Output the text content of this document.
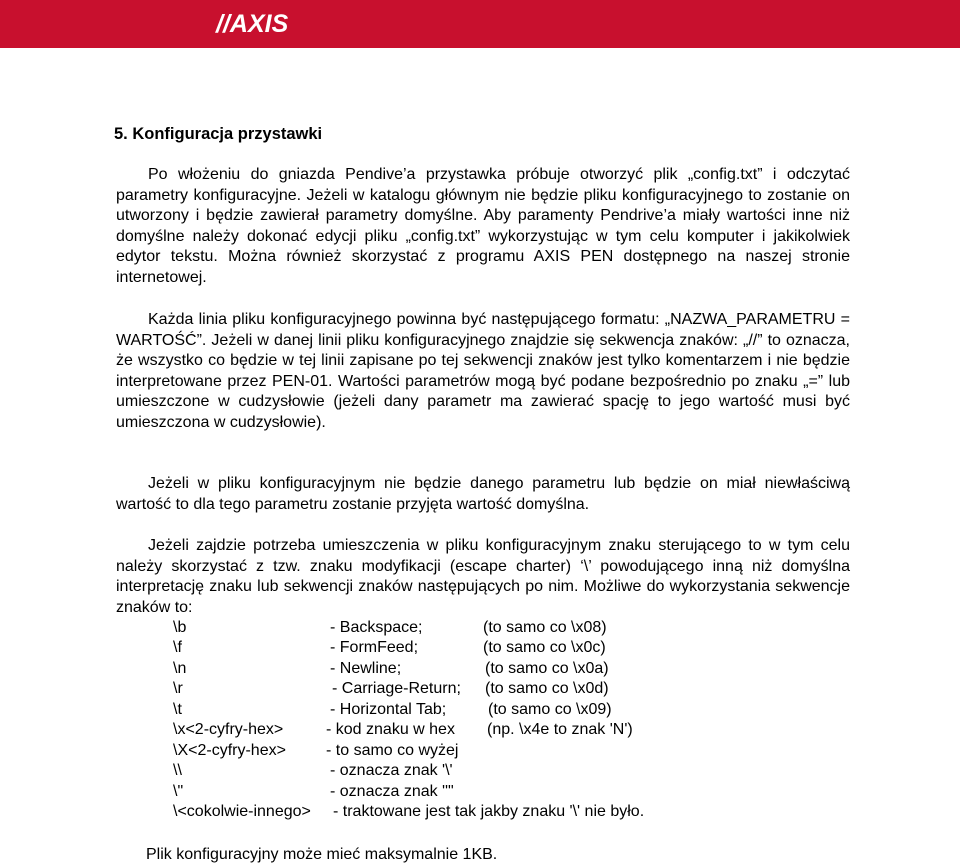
//AXIS
5. Konfiguracja przystawki
Po włożeniu do gniazda Pendive’a przystawka próbuje otworzyć plik „config.txt” i odczytać parametry konfiguracyjne. Jeżeli w katalogu głównym nie będzie pliku konfiguracyjnego to zostanie on utworzony i będzie zawierał parametry domyślne. Aby paramenty Pendrive’a miały wartości inne niż domyślne należy dokonać edycji pliku „config.txt” wykorzystując w tym celu komputer i jakikolwiek edytor tekstu. Można również skorzystać z programu AXIS PEN dostępnego na naszej stronie internetowej.
Każda linia pliku konfiguracyjnego powinna być następującego formatu: „NAZWA_PARAMETRU = WARTOŚĆ”. Jeżeli w danej linii pliku konfiguracyjnego znajdzie się sekwencja znaków: „//” to oznacza, że wszystko co będzie w tej linii zapisane po tej sekwencji znaków jest tylko komentarzem i nie będzie interpretowane przez PEN-01. Wartości parametrów mogą być podane bezpośrednio po znaku „=” lub umieszczone w cudzysłowie (jeżeli dany parametr ma zawierać spację to jego wartość musi być umieszczona w cudzysłowie).
Jeżeli w pliku konfiguracyjnym nie będzie danego parametru lub będzie on miał niewłaściwą wartość to dla tego parametru zostanie przyjęta wartość domyślna.
Jeżeli zajdzie potrzeba umieszczenia w pliku konfiguracyjnym znaku sterującego to w tym celu należy skorzystać z tzw. znaku modyfikacji (escape charter) ‘\’ powodującego inną niż domyślna interpretację znaku lub sekwencji znaków następujących po nim. Możliwe do wykorzystania sekwencje znaków to:
\b	- Backspace;	(to samo co \x08)
\f	- FormFeed;	(to samo co \x0c)
\n	- Newline;	(to samo co \x0a)
\r	- Carriage-Return; (to samo co \x0d)
\t	- Horizontal Tab;	(to samo co \x09)
\x<2-cyfry-hex>	- kod znaku w hex (np. \x4e to znak 'N')
\X<2-cyfry-hex>	- to samo co wyżej
\\	- oznacza znak '\'
\"	- oznacza znak '"'
\<cokolwie-innego> - traktowane jest tak jakby znaku '\' nie było.
Plik konfiguracyjny może mieć maksymalnie 1KB.
